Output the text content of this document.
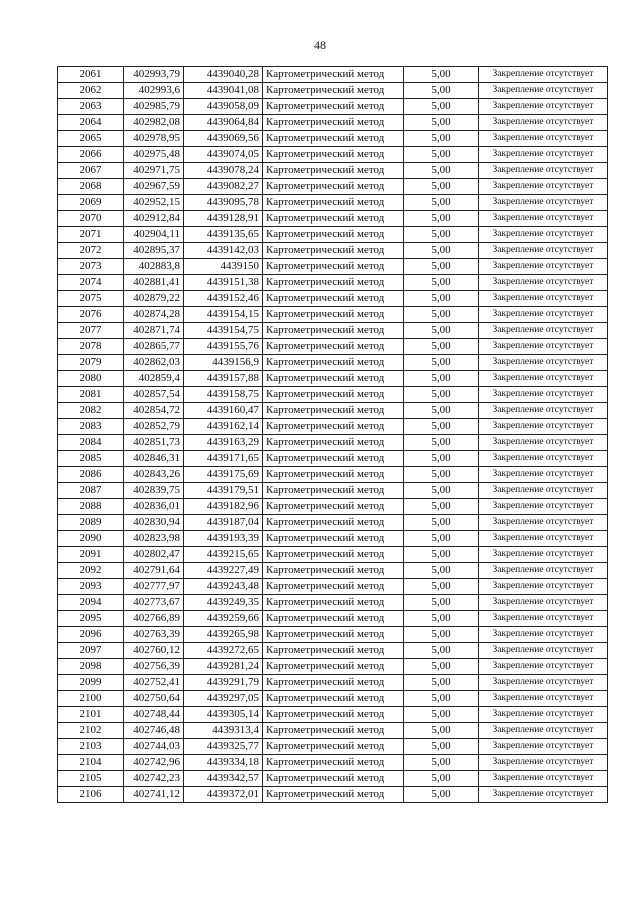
48
2061	402993,79	4439040,28	Картометрический метод	5,00	Закрепление отсутствует
2062	402993,6	4439041,08	Картометрический метод	5,00	Закрепление отсутствует
2063	402985,79	4439058,09	Картометрический метод	5,00	Закрепление отсутствует
2064	402982,08	4439064,84	Картометрический метод	5,00	Закрепление отсутствует
2065	402978,95	4439069,56	Картометрический метод	5,00	Закрепление отсутствует
2066	402975,48	4439074,05	Картометрический метод	5,00	Закрепление отсутствует
2067	402971,75	4439078,24	Картометрический метод	5,00	Закрепление отсутствует
2068	402967,59	4439082,27	Картометрический метод	5,00	Закрепление отсутствует
2069	402952,15	4439095,78	Картометрический метод	5,00	Закрепление отсутствует
2070	402912,84	4439128,91	Картометрический метод	5,00	Закрепление отсутствует
2071	402904,11	4439135,65	Картометрический метод	5,00	Закрепление отсутствует
2072	402895,37	4439142,03	Картометрический метод	5,00	Закрепление отсутствует
2073	402883,8	4439150	Картометрический метод	5,00	Закрепление отсутствует
2074	402881,41	4439151,38	Картометрический метод	5,00	Закрепление отсутствует
2075	402879,22	4439152,46	Картометрический метод	5,00	Закрепление отсутствует
2076	402874,28	4439154,15	Картометрический метод	5,00	Закрепление отсутствует
2077	402871,74	4439154,75	Картометрический метод	5,00	Закрепление отсутствует
2078	402865,77	4439155,76	Картометрический метод	5,00	Закрепление отсутствует
2079	402862,03	4439156,9	Картометрический метод	5,00	Закрепление отсутствует
2080	402859,4	4439157,88	Картометрический метод	5,00	Закрепление отсутствует
2081	402857,54	4439158,75	Картометрический метод	5,00	Закрепление отсутствует
2082	402854,72	4439160,47	Картометрический метод	5,00	Закрепление отсутствует
2083	402852,79	4439162,14	Картометрический метод	5,00	Закрепление отсутствует
2084	402851,73	4439163,29	Картометрический метод	5,00	Закрепление отсутствует
2085	402846,31	4439171,65	Картометрический метод	5,00	Закрепление отсутствует
2086	402843,26	4439175,69	Картометрический метод	5,00	Закрепление отсутствует
2087	402839,75	4439179,51	Картометрический метод	5,00	Закрепление отсутствует
2088	402836,01	4439182,96	Картометрический метод	5,00	Закрепление отсутствует
2089	402830,94	4439187,04	Картометрический метод	5,00	Закрепление отсутствует
2090	402823,98	4439193,39	Картометрический метод	5,00	Закрепление отсутствует
2091	402802,47	4439215,65	Картометрический метод	5,00	Закрепление отсутствует
2092	402791,64	4439227,49	Картометрический метод	5,00	Закрепление отсутствует
2093	402777,97	4439243,48	Картометрический метод	5,00	Закрепление отсутствует
2094	402773,67	4439249,35	Картометрический метод	5,00	Закрепление отсутствует
2095	402766,89	4439259,66	Картометрический метод	5,00	Закрепление отсутствует
2096	402763,39	4439265,98	Картометрический метод	5,00	Закрепление отсутствует
2097	402760,12	4439272,65	Картометрический метод	5,00	Закрепление отсутствует
2098	402756,39	4439281,24	Картометрический метод	5,00	Закрепление отсутствует
2099	402752,41	4439291,79	Картометрический метод	5,00	Закрепление отсутствует
2100	402750,64	4439297,05	Картометрический метод	5,00	Закрепление отсутствует
2101	402748,44	4439305,14	Картометрический метод	5,00	Закрепление отсутствует
2102	402746,48	4439313,4	Картометрический метод	5,00	Закрепление отсутствует
2103	402744,03	4439325,77	Картометрический метод	5,00	Закрепление отсутствует
2104	402742,96	4439334,18	Картометрический метод	5,00	Закрепление отсутствует
2105	402742,23	4439342,57	Картометрический метод	5,00	Закрепление отсутствует
2106	402741,12	4439372,01	Картометрический метод	5,00	Закрепление отсутствует
